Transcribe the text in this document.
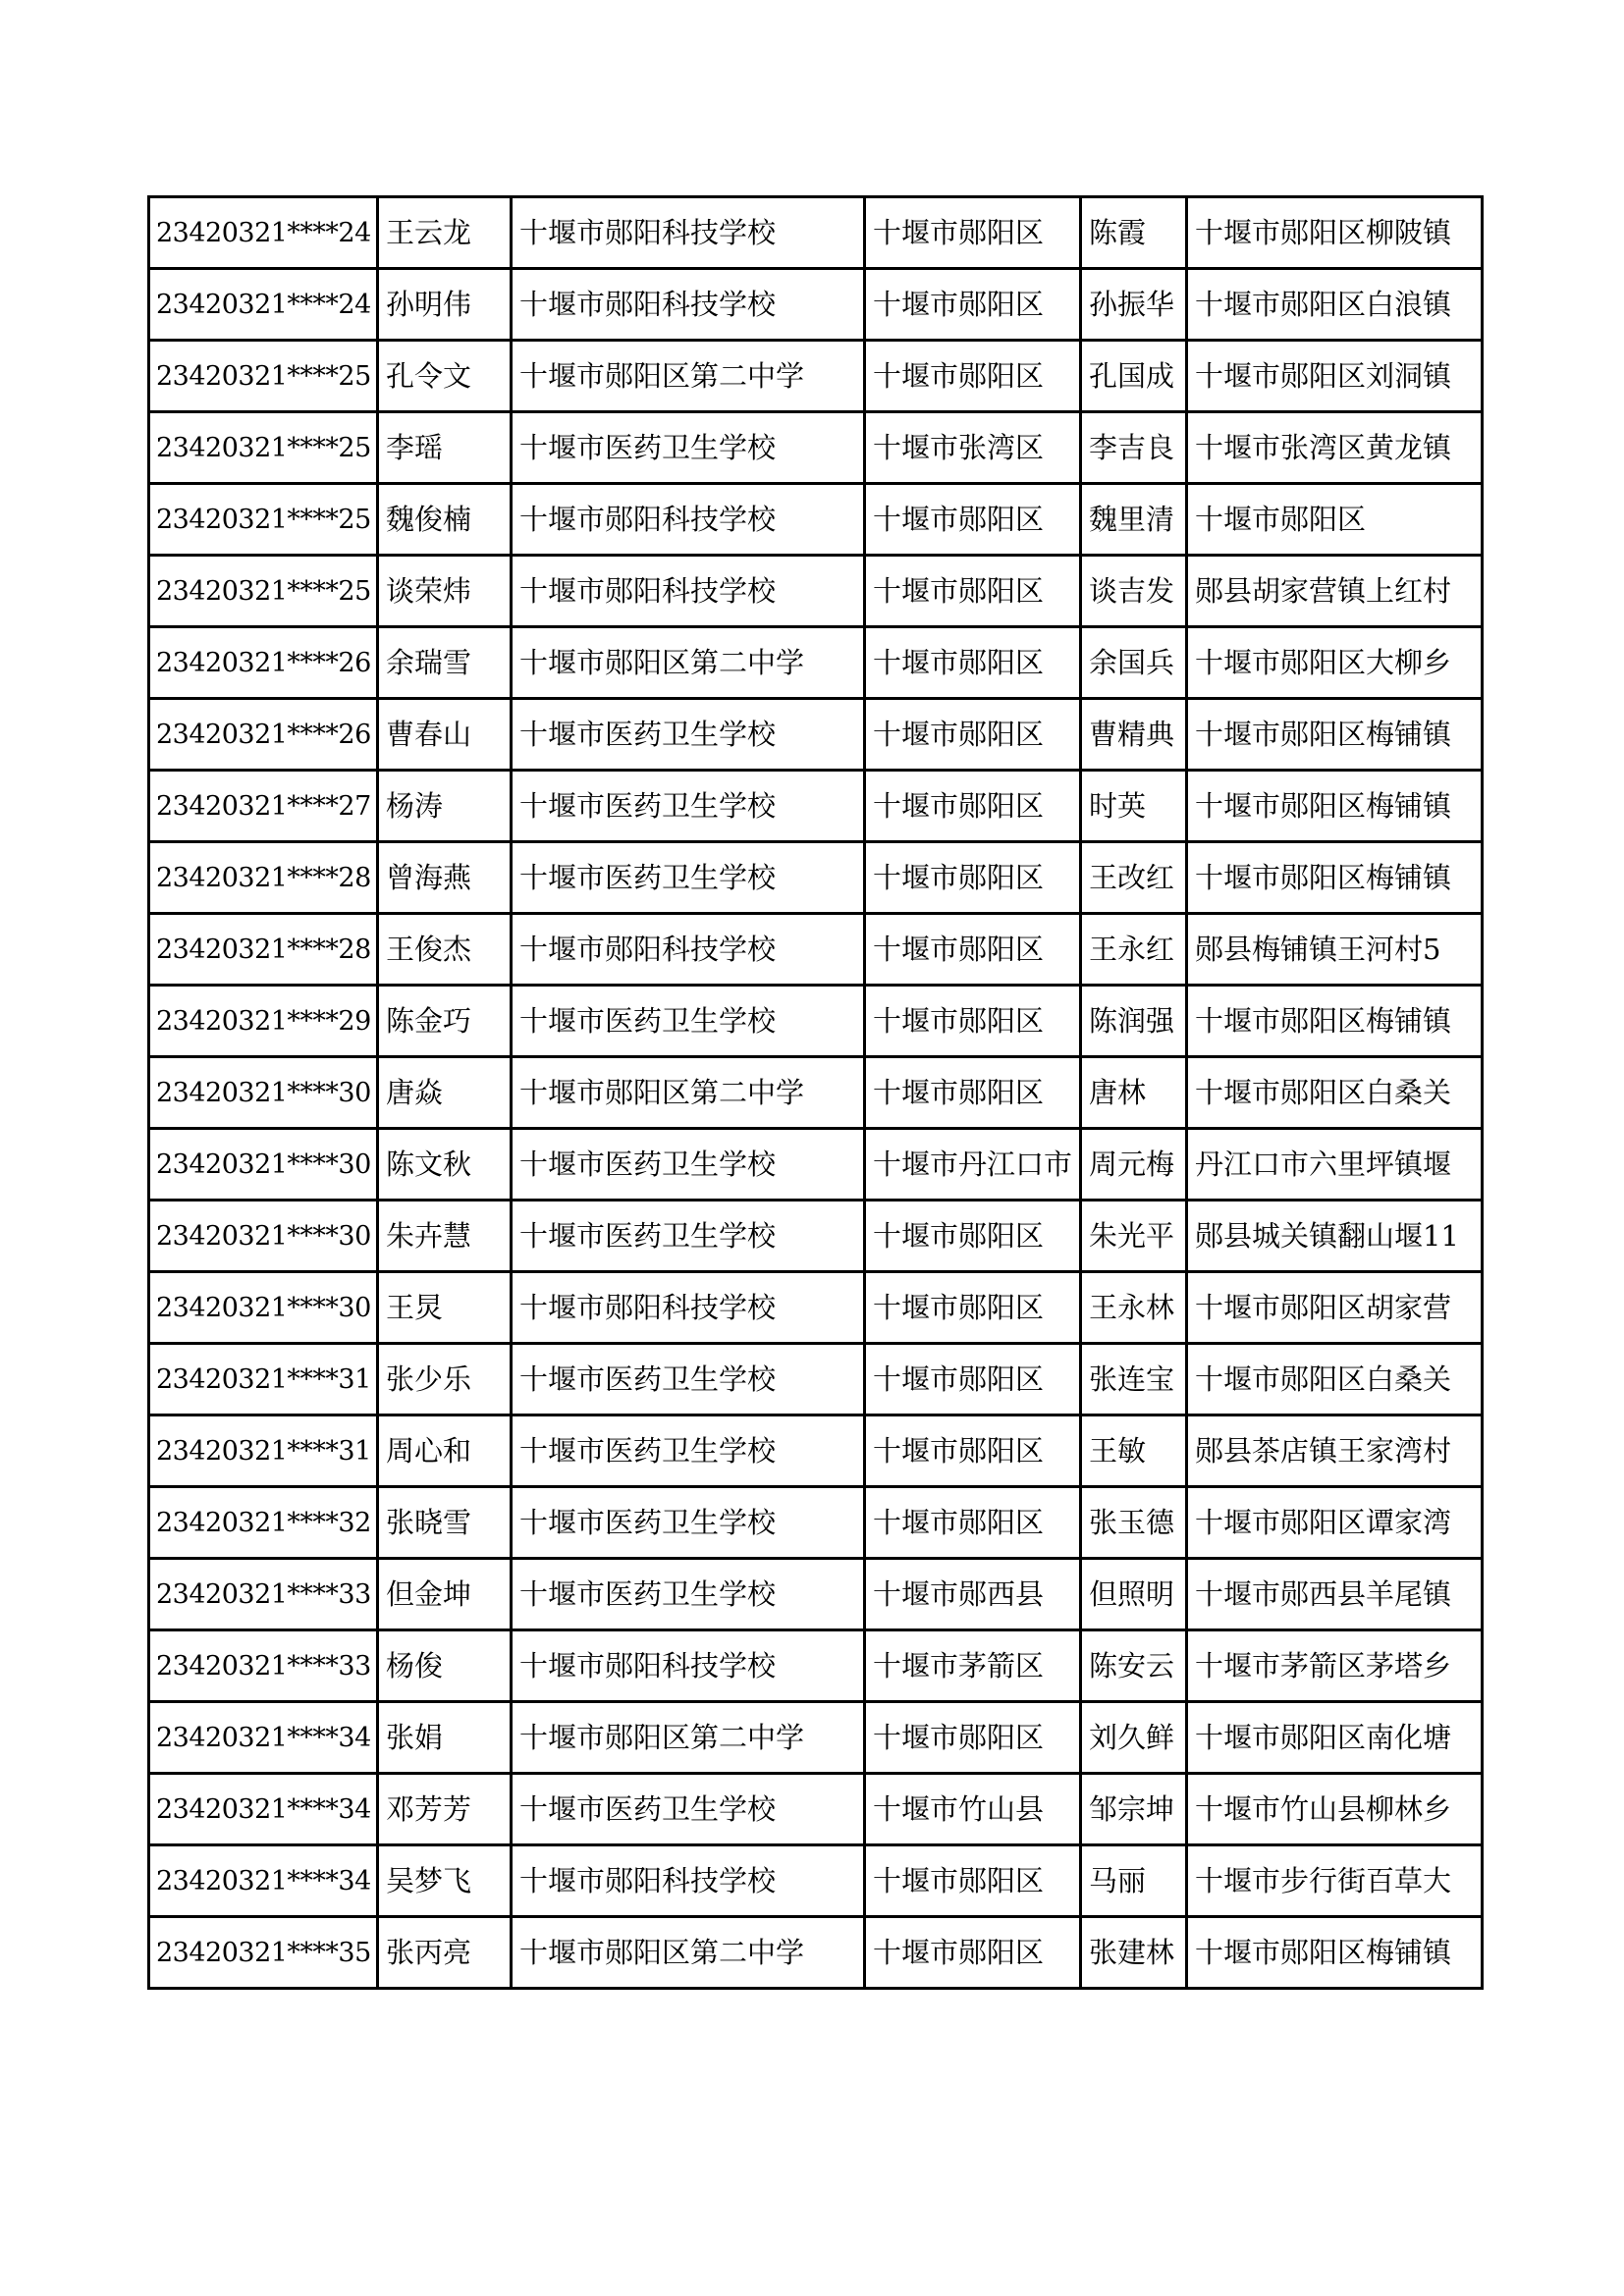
23420321****24	王云龙	十堰市郧阳科技学校	十堰市郧阳区	陈霞	十堰市郧阳区柳陂镇
23420321****24	孙明伟	十堰市郧阳科技学校	十堰市郧阳区	孙振华	十堰市郧阳区白浪镇
23420321****25	孔令文	十堰市郧阳区第二中学	十堰市郧阳区	孔国成	十堰市郧阳区刘洞镇
23420321****25	李瑶	十堰市医药卫生学校	十堰市张湾区	李吉良	十堰市张湾区黄龙镇
23420321****25	魏俊楠	十堰市郧阳科技学校	十堰市郧阳区	魏里清	十堰市郧阳区
23420321****25	谈荣炜	十堰市郧阳科技学校	十堰市郧阳区	谈吉发	郧县胡家营镇上红村
23420321****26	余瑞雪	十堰市郧阳区第二中学	十堰市郧阳区	余国兵	十堰市郧阳区大柳乡
23420321****26	曹春山	十堰市医药卫生学校	十堰市郧阳区	曹精典	十堰市郧阳区梅铺镇
23420321****27	杨涛	十堰市医药卫生学校	十堰市郧阳区	时英	十堰市郧阳区梅铺镇
23420321****28	曾海燕	十堰市医药卫生学校	十堰市郧阳区	王改红	十堰市郧阳区梅铺镇
23420321****28	王俊杰	十堰市郧阳科技学校	十堰市郧阳区	王永红	郧县梅铺镇王河村5
23420321****29	陈金巧	十堰市医药卫生学校	十堰市郧阳区	陈润强	十堰市郧阳区梅铺镇
23420321****30	唐焱	十堰市郧阳区第二中学	十堰市郧阳区	唐林	十堰市郧阳区白桑关
23420321****30	陈文秋	十堰市医药卫生学校	十堰市丹江口市	周元梅	丹江口市六里坪镇堰
23420321****30	朱卉慧	十堰市医药卫生学校	十堰市郧阳区	朱光平	郧县城关镇翻山堰11
23420321****30	王炅	十堰市郧阳科技学校	十堰市郧阳区	王永林	十堰市郧阳区胡家营
23420321****31	张少乐	十堰市医药卫生学校	十堰市郧阳区	张连宝	十堰市郧阳区白桑关
23420321****31	周心和	十堰市医药卫生学校	十堰市郧阳区	王敏	郧县茶店镇王家湾村
23420321****32	张晓雪	十堰市医药卫生学校	十堰市郧阳区	张玉德	十堰市郧阳区谭家湾
23420321****33	但金坤	十堰市医药卫生学校	十堰市郧西县	但照明	十堰市郧西县羊尾镇
23420321****33	杨俊	十堰市郧阳科技学校	十堰市茅箭区	陈安云	十堰市茅箭区茅塔乡
23420321****34	张娟	十堰市郧阳区第二中学	十堰市郧阳区	刘久鲜	十堰市郧阳区南化塘
23420321****34	邓芳芳	十堰市医药卫生学校	十堰市竹山县	邹宗坤	十堰市竹山县柳林乡
23420321****34	吴梦飞	十堰市郧阳科技学校	十堰市郧阳区	马丽	十堰市步行街百草大
23420321****35	张丙亮	十堰市郧阳区第二中学	十堰市郧阳区	张建林	十堰市郧阳区梅铺镇
